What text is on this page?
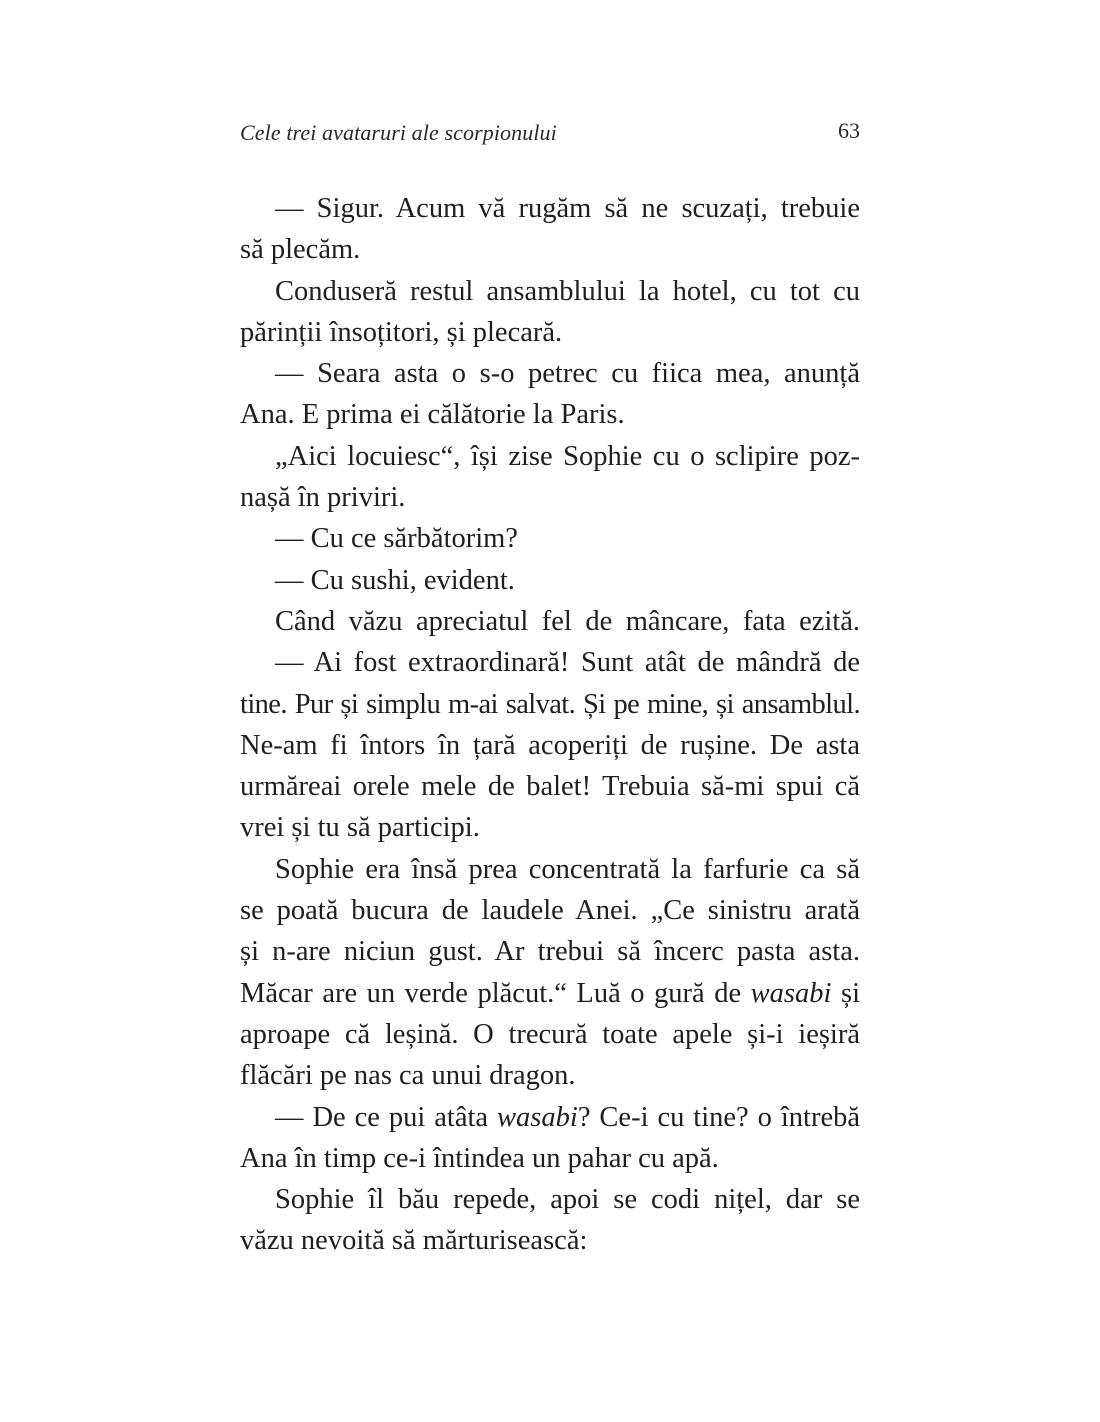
Cele trei avataruri ale scorpionului	63
— Sigur. Acum vă rugăm să ne scuzați, trebuie
să plecăm.
Conduseră restul ansamblului la hotel, cu tot cu
părinții însoțitori, și plecară.
— Seara asta o s-o petrec cu fiica mea, anunță
Ana. E prima ei călătorie la Paris.
„Aici locuiesc“, își zise Sophie cu o sclipire poz-
nașă în priviri.
— Cu ce sărbătorim?
— Cu sushi, evident.
Când văzu apreciatul fel de mâncare, fata ezită.
— Ai fost extraordinară! Sunt atât de mândră de
tine. Pur și simplu m-ai salvat. Și pe mine, și ansamblul.
Ne-am fi întors în țară acoperiți de rușine. De asta
urmăreai orele mele de balet! Trebuia să-mi spui că
vrei și tu să participi.
Sophie era însă prea concentrată la farfurie ca să
se poată bucura de laudele Anei. „Ce sinistru arată
și n-are niciun gust. Ar trebui să încerc pasta asta.
Măcar are un verde plăcut.“ Luă o gură de wasabi și
aproape că leșină. O trecură toate apele și-i ieșiră
flăcări pe nas ca unui dragon.
— De ce pui atâta wasabi? Ce-i cu tine? o întrebă
Ana în timp ce-i întindea un pahar cu apă.
Sophie îl bău repede, apoi se codi nițel, dar se
văzu nevoită să mărturisească:
